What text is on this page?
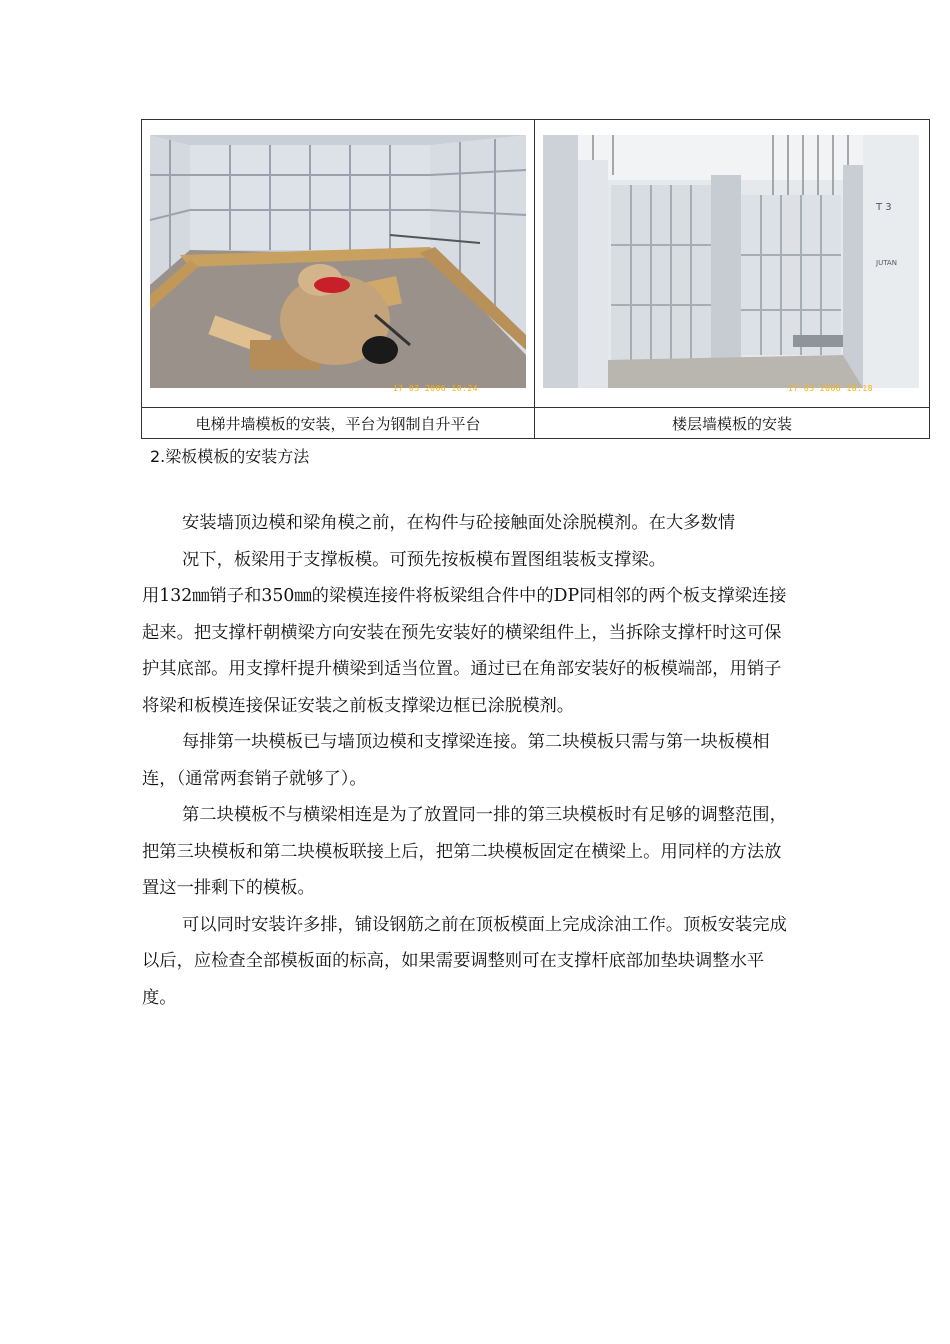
17 03 2006 10:24	T 3
JUTAN
17 03 2006 10:18

电梯井墙模板的安装，平台为钢制自升平台	楼层墙模板的安装
2.梁板模板的安装方法

安装墙顶边模和梁角模之前，在构件与砼接触面处涂脱模剂。在大多数情

况下，板梁用于支撑板模。可预先按板模布置图组装板支撑梁。

用132㎜销子和350㎜的梁模连接件将板梁组合件中的DP同相邻的两个板支撑梁连接起来。把支撑杆朝横梁方向安装在预先安装好的横梁组件上，当拆除支撑杆时这可保护其底部。用支撑杆提升横梁到适当位置。通过已在角部安装好的板模端部，用销子将梁和板模连接保证安装之前板支撑梁边框已涂脱模剂。

每排第一块模板已与墙顶边模和支撑梁连接。第二块模板只需与第一块板模相连，（通常两套销子就够了）。

第二块模板不与横梁相连是为了放置同一排的第三块模板时有足够的调整范围，把第三块模板和第二块模板联接上后，把第二块模板固定在横梁上。用同样的方法放置这一排剩下的模板。

可以同时安装许多排，铺设钢筋之前在顶板模面上完成涂油工作。顶板安装完成以后，应检查全部模板面的标高，如果需要调整则可在支撑杆底部加垫块调整水平度。
